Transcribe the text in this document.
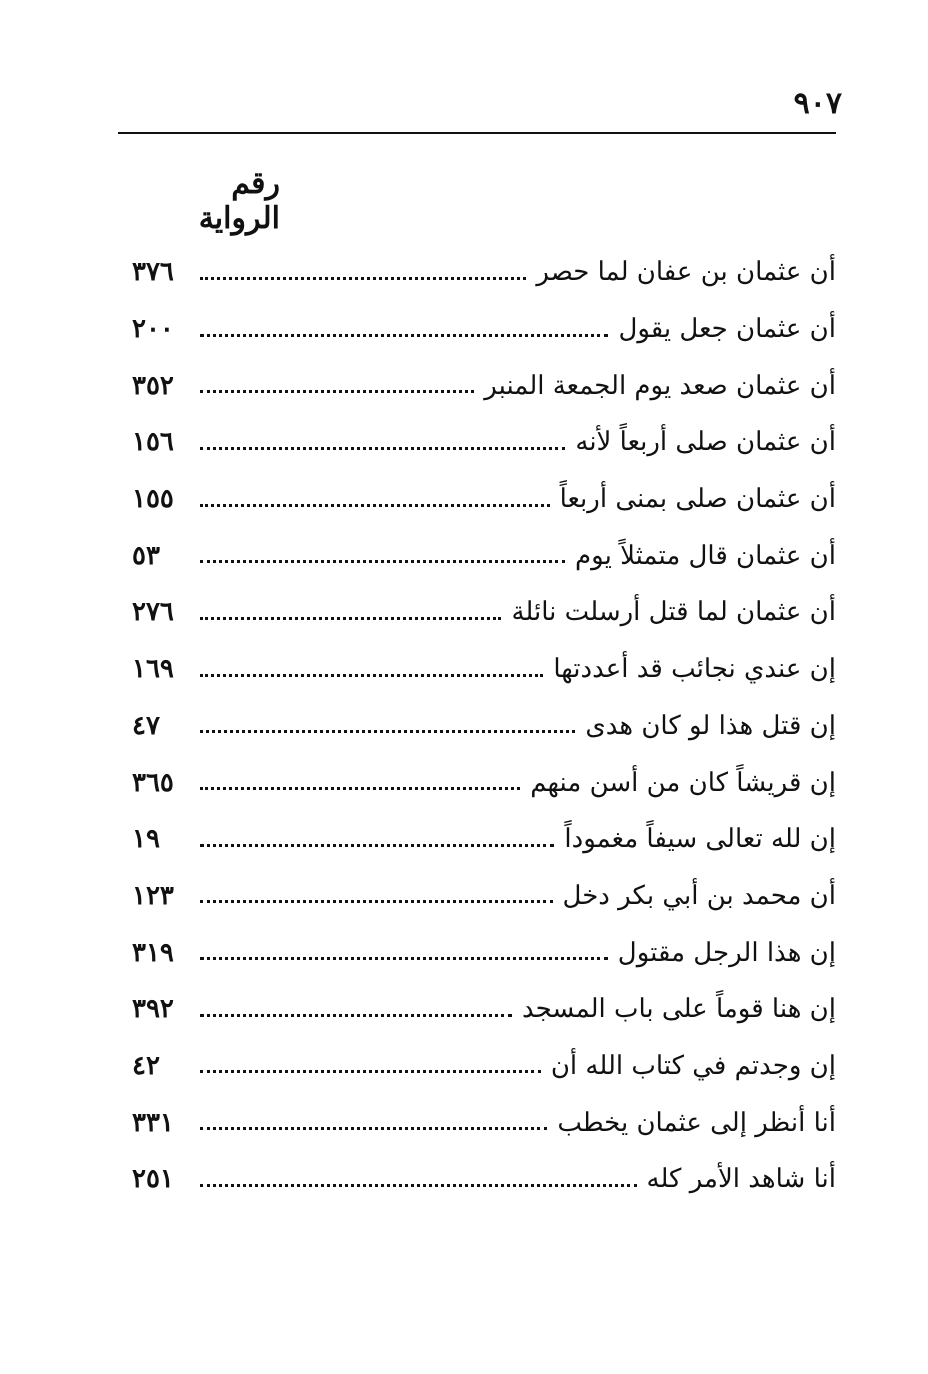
٩٠٧
رقم الرواية
أن عثمان بن عفان لما حصر
٣٧٦
أن عثمان جعل يقول
٢٠٠
أن عثمان صعد يوم الجمعة المنبر
٣٥٢
أن عثمان صلى أربعاً لأنه
١٥٦
أن عثمان صلى بمنى أربعاً
١٥٥
أن عثمان قال متمثلاً يوم
٥٣
أن عثمان لما قتل أرسلت نائلة
٢٧٦
إن عندي نجائب قد أعددتها
١٦٩
إن قتل هذا لو كان هدى
٤٧
إن قريشاً كان من أسن منهم
٣٦٥
إن لله تعالى سيفاً مغموداً
١٩
أن محمد بن أبي بكر دخل
١٢٣
إن هذا الرجل مقتول
٣١٩
إن هنا قوماً على باب المسجد
٣٩٢
إن وجدتم في كتاب الله أن
٤٢
أنا أنظر إلى عثمان يخطب
٣٣١
أنا شاهد الأمر كله
٢٥١
